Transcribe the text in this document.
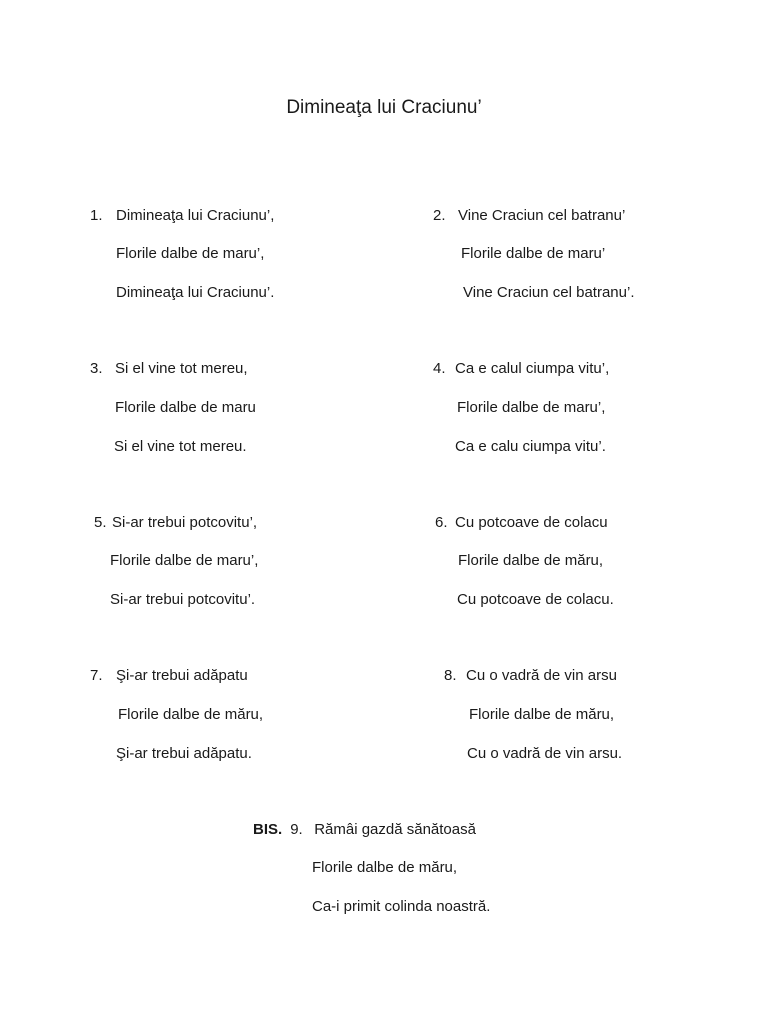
Dimineaţa lui Craciunu’
1. Dimineaţa lui Craciunu’,
Florile dalbe de maru’,
Dimineaţa lui Craciunu’.
2. Vine Craciun cel batranu’
Florile dalbe de maru’
Vine Craciun cel batranu’.
3. Si el vine tot mereu,
Florile dalbe de maru
Si el vine tot mereu.
4. Ca e calul ciumpa vitu’,
Florile dalbe de maru’,
Ca e calu ciumpa vitu’.
5. Si-ar trebui potcovitu’,
Florile dalbe de maru’,
Si-ar trebui potcovitu’.
6. Cu potcoave de colacu
Florile dalbe de măru,
Cu potcoave de colacu.
7. Şi-ar trebui adăpatu
Florile dalbe de măru,
Şi-ar trebui adăpatu.
8. Cu o vadră de vin arsu
Florile dalbe de măru,
Cu o vadră de vin arsu.
BIS. 9. Rămâi gazdă sănătoasă
Florile dalbe de măru,
Ca-i primit colinda noastră.
